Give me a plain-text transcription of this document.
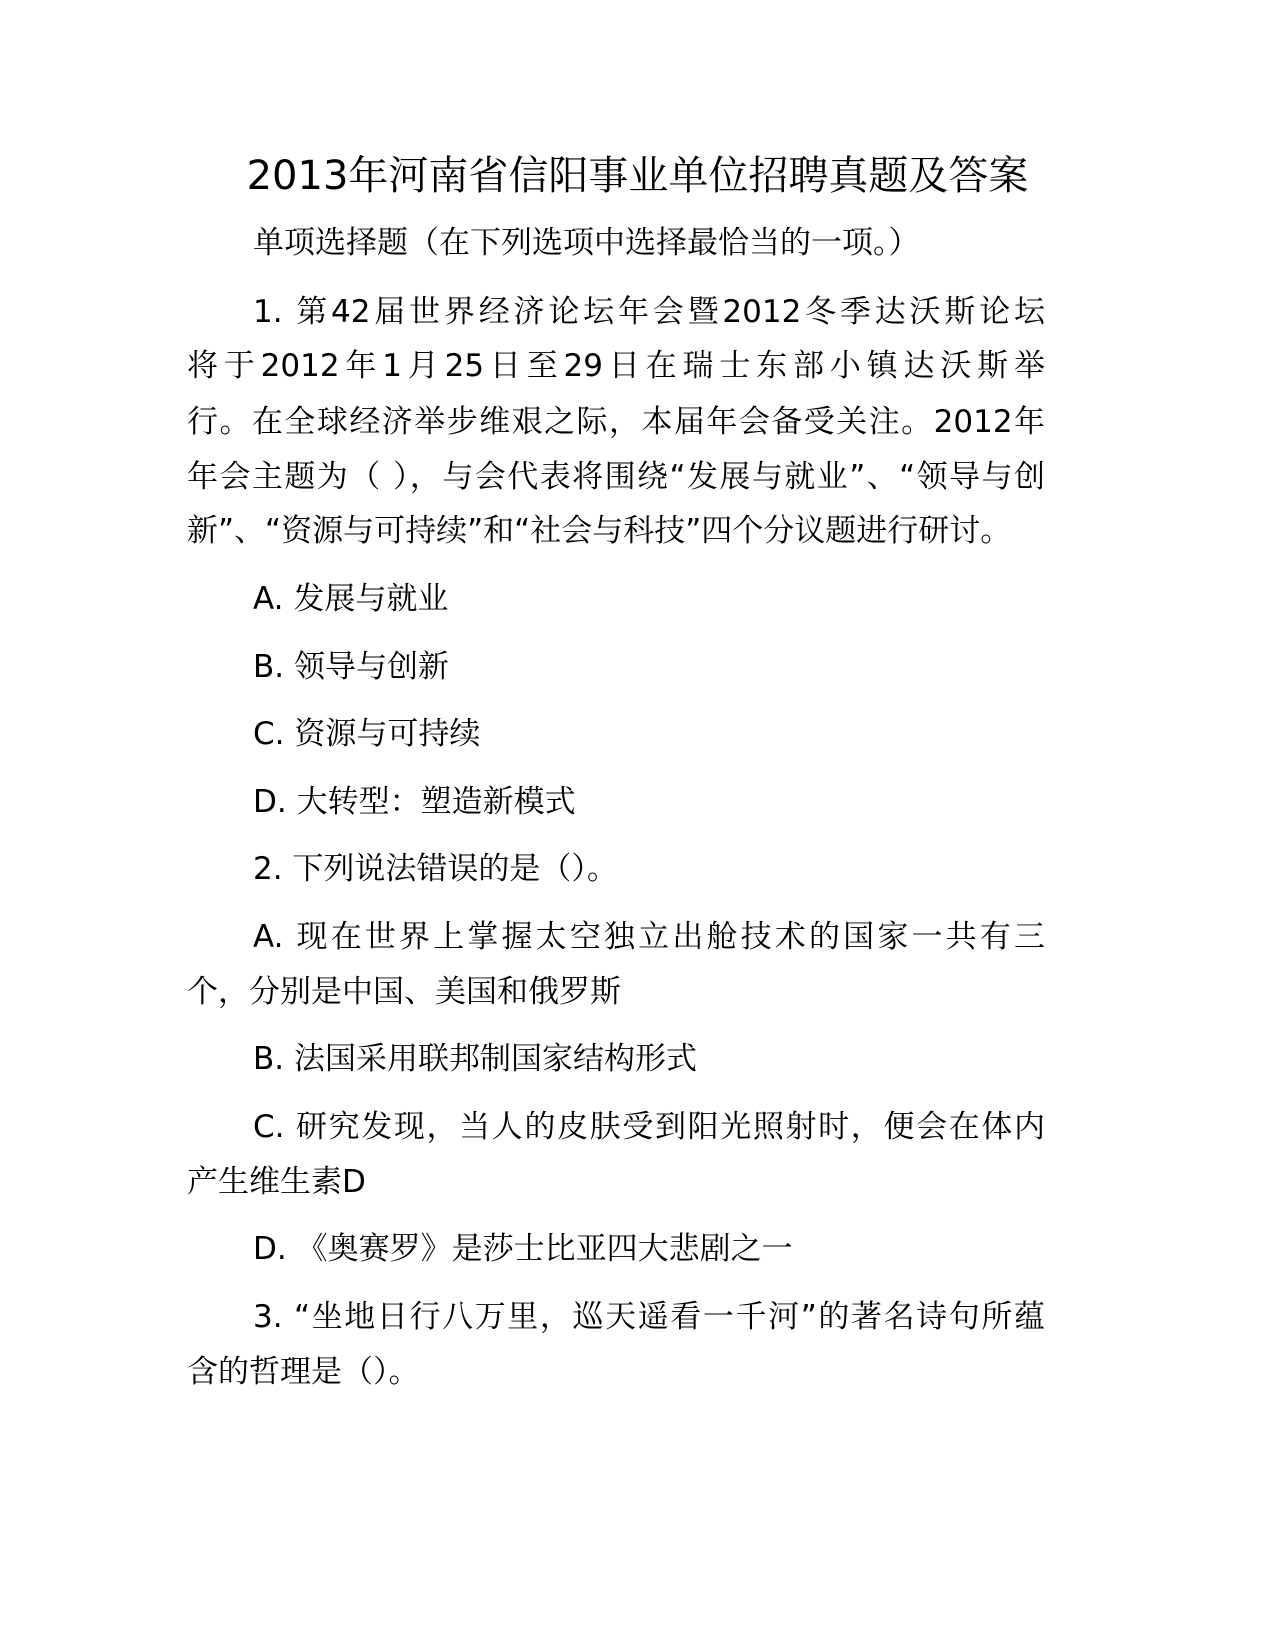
2013年河南省信阳事业单位招聘真题及答案

单项选择题（在下列选项中选择最恰当的一项。）

1. 第42届世界经济论坛年会暨2012冬季达沃斯论坛

将于2012年1月25日至29日在瑞士东部小镇达沃斯举

行。在全球经济举步维艰之际，本届年会备受关注。2012年

年会主题为（ ），与会代表将围绕“发展与就业”、“领导与创

新”、“资源与可持续”和“社会与科技”四个分议题进行研讨。

A. 发展与就业

B. 领导与创新

C. 资源与可持续

D. 大转型：塑造新模式

2. 下列说法错误的是（）。

A. 现在世界上掌握太空独立出舱技术的国家一共有三

个，分别是中国、美国和俄罗斯

B. 法国采用联邦制国家结构形式

C. 研究发现，当人的皮肤受到阳光照射时，便会在体内

产生维生素D

D. 《奥赛罗》是莎士比亚四大悲剧之一

3. “坐地日行八万里，巡天遥看一千河”的著名诗句所蕴

含的哲理是（）。
